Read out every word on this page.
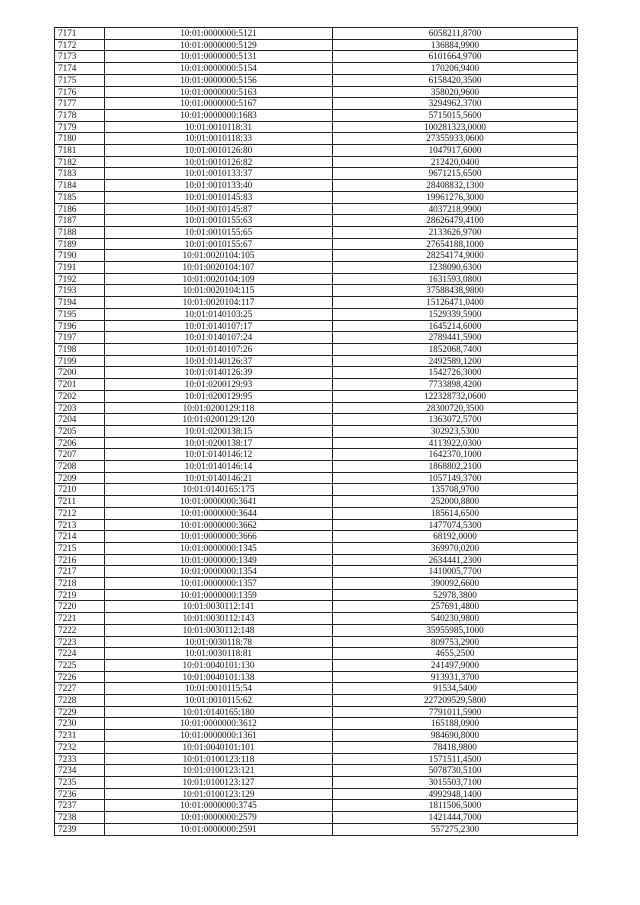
7171	10:01:0000000:5121	6058211,8700
7172	10:01:0000000:5129	136884,9900
7173	10:01:0000000:5131	6101664,9700
7174	10:01:0000000:5154	170206,9400
7175	10:01:0000000:5156	6158420,3500
7176	10:01:0000000:5163	358020,9600
7177	10:01:0000000:5167	3294962,3700
7178	10:01:0000000:1683	5715015,5600
7179	10:01:0010118:31	100281323,0000
7180	10:01:0010118:33	27355933,0600
7181	10:01:0010126:80	1047917,6000
7182	10:01:0010126:82	212420,0400
7183	10:01:0010133:37	9671215,6500
7184	10:01:0010133:40	28408832,1300
7185	10:01:0010145:83	19961276,3000
7186	10:01:0010145:87	4037218,9900
7187	10:01:0010155:63	28626479,4100
7188	10:01:0010155:65	2133626,9700
7189	10:01:0010155:67	27654188,1000
7190	10:01:0020104:105	28254174,9000
7191	10:01:0020104:107	1238090,6300
7192	10:01:0020104:109	1631593,0800
7193	10:01:0020104:115	37588438,9800
7194	10:01:0020104:117	15126471,0400
7195	10:01:0140103:25	1529339,5900
7196	10:01:0140107:17	1645214,6000
7197	10:01:0140107:24	2789441,5900
7198	10:01:0140107:26	1852068,7400
7199	10:01:0140126:37	2492589,1200
7200	10:01:0140126:39	1542726,3000
7201	10:01:0200129:93	7733898,4200
7202	10:01:0200129:95	122328732,0600
7203	10:01:0200129:118	28300720,3500
7204	10:01:0200129:120	1363072,5700
7205	10:01:0200138:15	302923,5300
7206	10:01:0200138:17	4113922,0300
7207	10:01:0140146:12	1642370,1000
7208	10:01:0140146:14	1868802,2100
7209	10:01:0140146:21	1057149,3700
7210	10:01:0140165:175	135708,9700
7211	10:01:0000000:3641	252000,8800
7212	10:01:0000000:3644	185614,6500
7213	10:01:0000000:3662	1477074,5300
7214	10:01:0000000:3666	68192,0000
7215	10:01:0000000:1345	369970,0200
7216	10:01:0000000:1349	2634441,2300
7217	10:01:0000000:1354	1410005,7700
7218	10:01:0000000:1357	390092,6600
7219	10:01:0000000:1359	52978,3800
7220	10:01:0030112:141	257691,4800
7221	10:01:0030112:143	540230,9800
7222	10:01:0030112:148	35955985,1000
7223	10:01:0030118:78	809753,2900
7224	10:01:0030118:81	4655,2500
7225	10:01:0040101:130	241497,9000
7226	10:01:0040101:138	913931,3700
7227	10:01:0010115:54	91534,5400
7228	10:01:0010115:62	227209529,5800
7229	10:01:0140165:180	7791011,5900
7230	10:01:0000000:3612	165188,0900
7231	10:01:0000000:1361	984690,8000
7232	10:01:0040101:101	78418,9800
7233	10:01:0100123:118	1571511,4500
7234	10:01:0100123:121	5078730,5100
7235	10:01:0100123:127	3015503,7100
7236	10:01:0100123:129	4992948,1400
7237	10:01:0000000:3745	1811506,5000
7238	10:01:0000000:2579	1421444,7000
7239	10:01:0000000:2591	557275,2300
